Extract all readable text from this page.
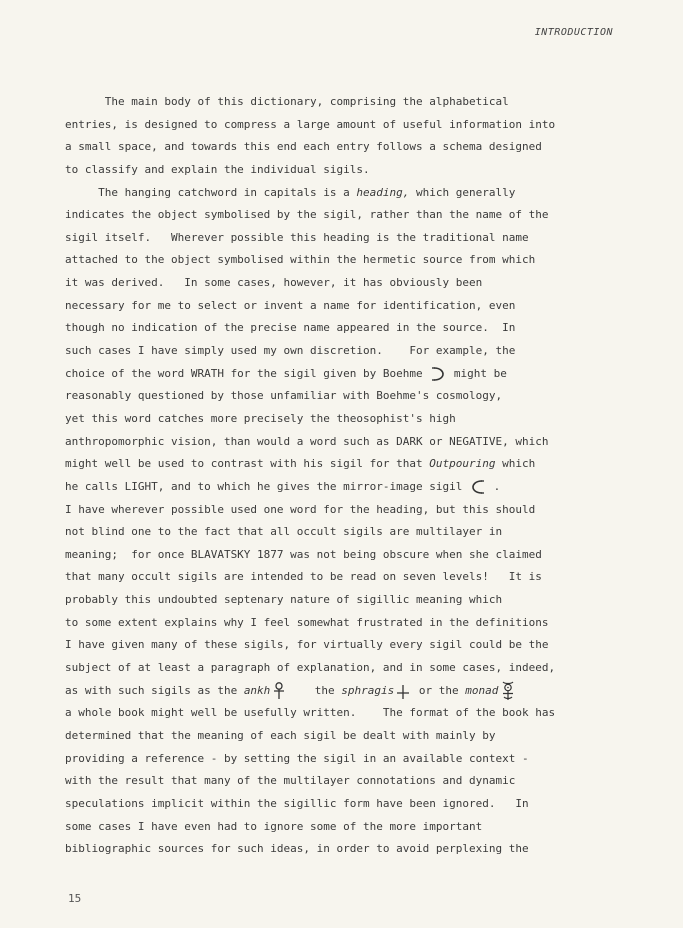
INTRODUCTION
The main body of this dictionary, comprising the alphabetical
entries, is designed to compress a large amount of useful information into
a small space, and towards this end each entry follows a schema designed
to classify and explain the individual sigils.
The hanging catchword in capitals is a heading, which generally
indicates the object symbolised by the sigil, rather than the name of the
sigil itself.   Wherever possible this heading is the traditional name
attached to the object symbolised within the hermetic source from which
it was derived.   In some cases, however, it has obviously been
necessary for me to select or invent a name for identification, even
though no indication of the precise name appeared in the source.  In
such cases I have simply used my own discretion.    For example, the
choice of the word WRATH for the sigil given by Boehme  might be
reasonably questioned by those unfamiliar with Boehme's cosmology,
yet this word catches more precisely the theosophist's high
anthropomorphic vision, than would a word such as DARK or NEGATIVE, which
might well be used to contrast with his sigil for that Outpouring which
he calls LIGHT, and to which he gives the mirror-image sigil  .
I have wherever possible used one word for the heading, but this should
not blind one to the fact that all occult sigils are multilayer in
meaning;  for once BLAVATSKY 1877 was not being obscure when she claimed
that many occult sigils are intended to be read on seven levels!   It is
probably this undoubted septenary nature of sigillic meaning which
to some extent explains why I feel somewhat frustrated in the definitions
I have given many of these sigils, for virtually every sigil could be the
subject of at least a paragraph of explanation, and in some cases, indeed,
as with such sigils as the ankh    the sphragis or the monad
a whole book might well be usefully written.    The format of the book has
determined that the meaning of each sigil be dealt with mainly by
providing a reference - by setting the sigil in an available context -
with the result that many of the multilayer connotations and dynamic
speculations implicit within the sigillic form have been ignored.   In
some cases I have even had to ignore some of the more important
bibliographic sources for such ideas, in order to avoid perplexing the
15
